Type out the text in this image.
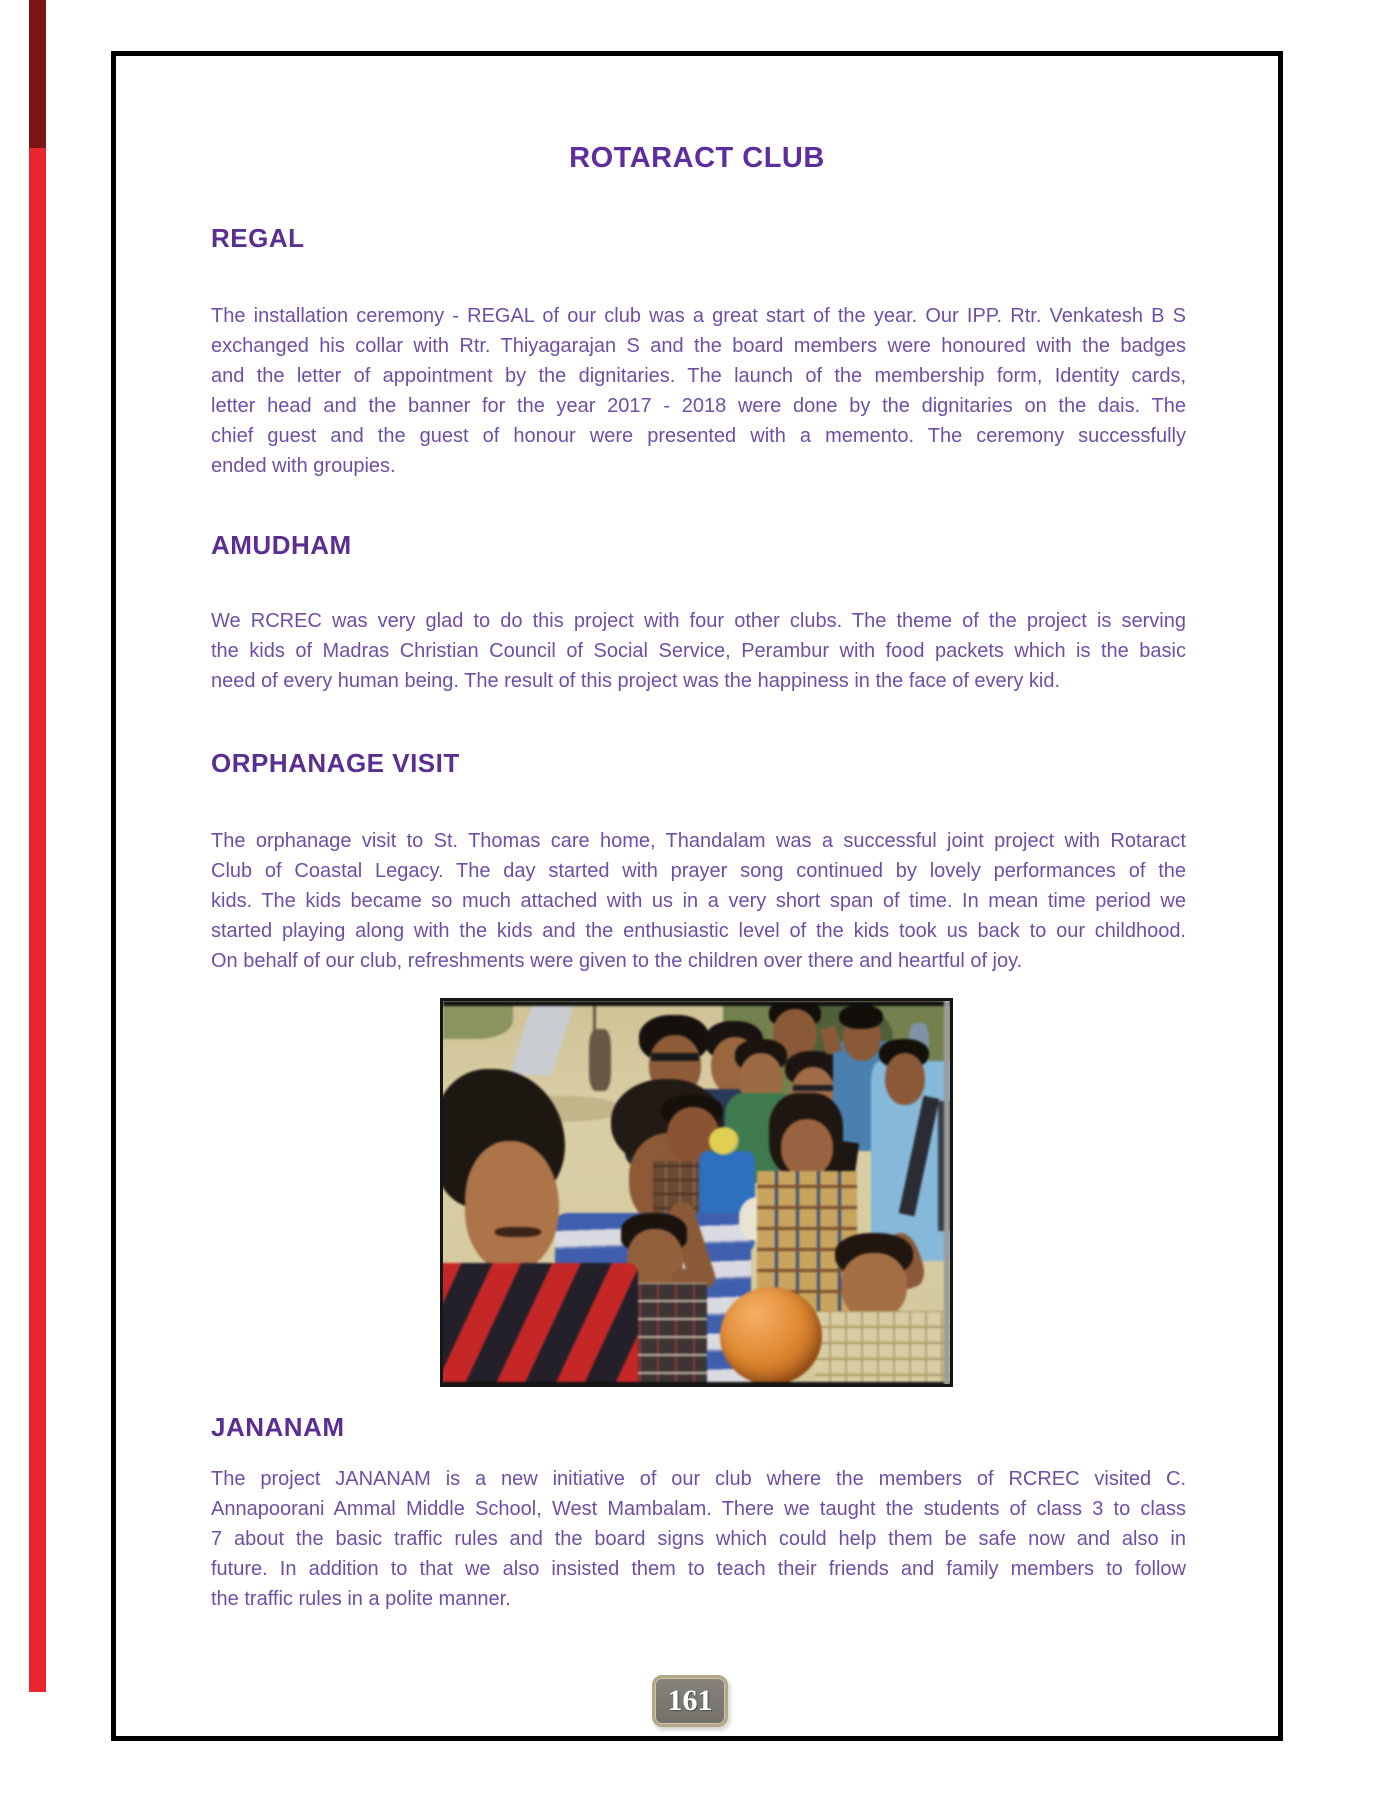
ROTARACT CLUB
REGAL
The installation ceremony - REGAL of our club was a great start of the year. Our IPP. Rtr. Venkatesh B S
exchanged his collar with Rtr. Thiyagarajan S and the board members were honoured with the badges
and the letter of appointment by the dignitaries. The launch of the membership form, Identity cards,
letter head and the banner for the year 2017 - 2018 were done by the dignitaries on the dais. The
chief guest and the guest of honour were presented with a memento. The ceremony successfully
ended with groupies.
AMUDHAM
We RCREC was very glad to do this project with four other clubs. The theme of the project is serving
the kids of Madras Christian Council of Social Service, Perambur with food packets which is the basic
need of every human being. The result of this project was the happiness in the face of every kid.
ORPHANAGE VISIT
The orphanage visit to St. Thomas care home, Thandalam was a successful joint project with Rotaract
Club of Coastal Legacy. The day started with prayer song continued by lovely performances of the
kids. The kids became so much attached with us in a very short span of time. In mean time period we
started playing along with the kids and the enthusiastic level of the kids took us back to our childhood.
On behalf of our club, refreshments were given to the children over there and heartful of joy.
JANANAM
The project JANANAM is a new initiative of our club where the members of RCREC visited C.
Annapoorani Ammal Middle School, West Mambalam. There we taught the students of class 3 to class
7 about the basic traffic rules and the board signs which could help them be safe now and also in
future. In addition to that we also insisted them to teach their friends and family members to follow
the traffic rules in a polite manner.
161
